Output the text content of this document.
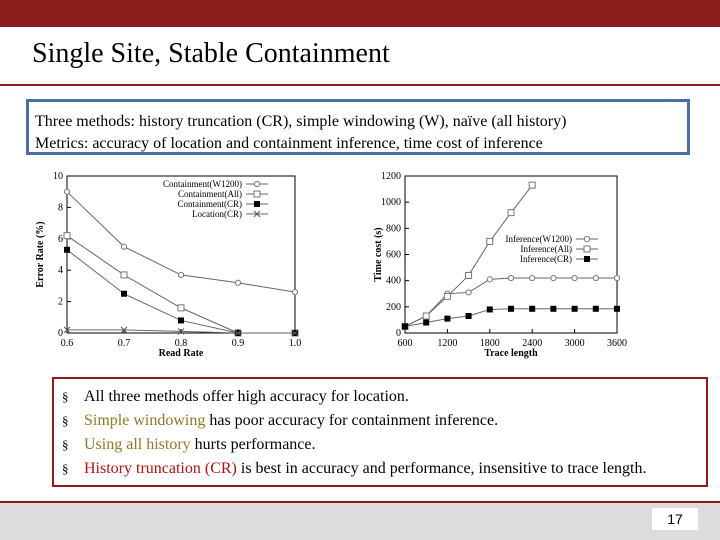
Single Site, Stable Containment
Three methods: history truncation (CR), simple windowing (W), naïve (all history)
Metrics: accuracy of location and containment inference, time cost of inference
0.6	0.7	0.8	0.9	1.0
0
2
4
6
8
10
Read Rate
Error Rate (%)
Containment(W1200)
Containment(All)
Containment(CR)
Location(CR)
600 1200 1800 2400 3000 3600
0
200
400
600
800
1000
1200
Trace length
Time cost (s)	Inference(W1200)
Inference(All)
Inference(CR)
§ All three methods offer high accuracy for location.
§ Simple windowing has poor accuracy for containment inference.
§ Using all history hurts performance.
§ History truncation (CR) is best in accuracy and performance, insensitive to trace length.
17
